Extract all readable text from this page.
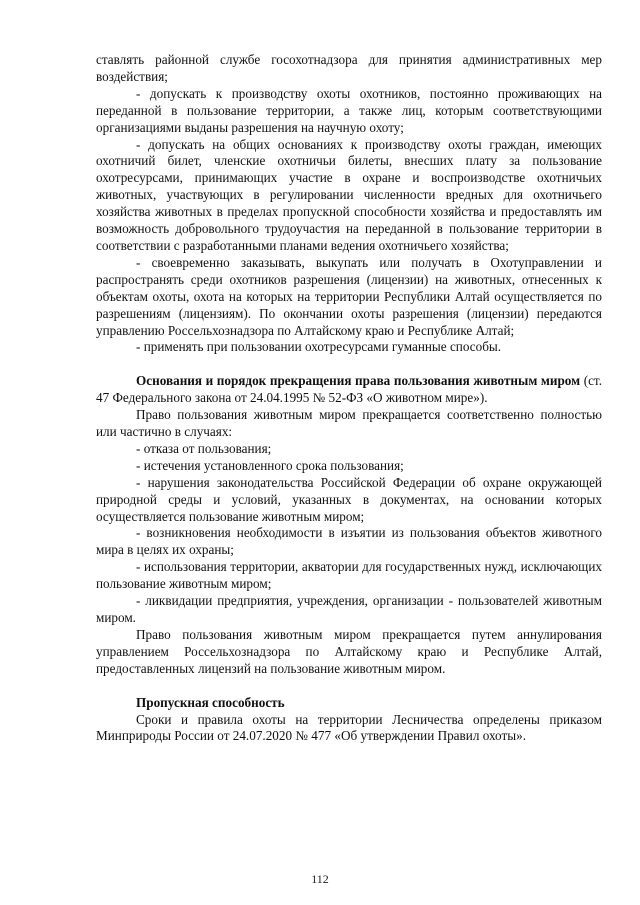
ставлять районной службе госохотнадзора для принятия административных мер воздействия;

- допускать к производству охоты охотников, постоянно проживающих на переданной в пользование территории, а также лиц, которым соответствующими организациями выданы разрешения на научную охоту;

- допускать на общих основаниях к производству охоты граждан, имеющих охотничий билет, членские охотничьи билеты, внесших плату за пользование охотресурсами, принимающих участие в охране и воспроизводстве охотничьих животных, участвующих в регулировании численности вредных для охотничьего хозяйства животных в пределах пропускной способности хозяйства и предоставлять им возможность добровольного трудоучастия на переданной в пользование территории в соответствии с разработанными планами ведения охотничьего хозяйства;

- своевременно заказывать, выкупать или получать в Охотуправлении и распространять среди охотников разрешения (лицензии) на животных, отнесенных к объектам охоты, охота на которых на территории Республики Алтай осуществляется по разрешениям (лицензиям). По окончании охоты разрешения (лицензии) передаются управлению Россельхознадзора по Алтайскому краю и Республике Алтай;

- применять при пользовании охотресурсами гуманные способы.

Основания и порядок прекращения права пользования животным миром (ст. 47 Федерального закона от 24.04.1995 № 52-ФЗ «О животном мире»).

Право пользования животным миром прекращается соответственно полностью или частично в случаях:

- отказа от пользования;

- истечения установленного срока пользования;

- нарушения законодательства Российской Федерации об охране окружающей природной среды и условий, указанных в документах, на основании которых осуществляется пользование животным миром;

- возникновения необходимости в изъятии из пользования объектов животного мира в целях их охраны;

- использования территории, акватории для государственных нужд, исключающих пользование животным миром;

- ликвидации предприятия, учреждения, организации - пользователей животным миром.

Право пользования животным миром прекращается путем аннулирования управлением Россельхознадзора по Алтайскому краю и Республике Алтай, предоставленных лицензий на пользование животным миром.

Пропускная способность

Сроки и правила охоты на территории Лесничества определены приказом Минприроды России от 24.07.2020 № 477 «Об утверждении Правил охоты».

112
